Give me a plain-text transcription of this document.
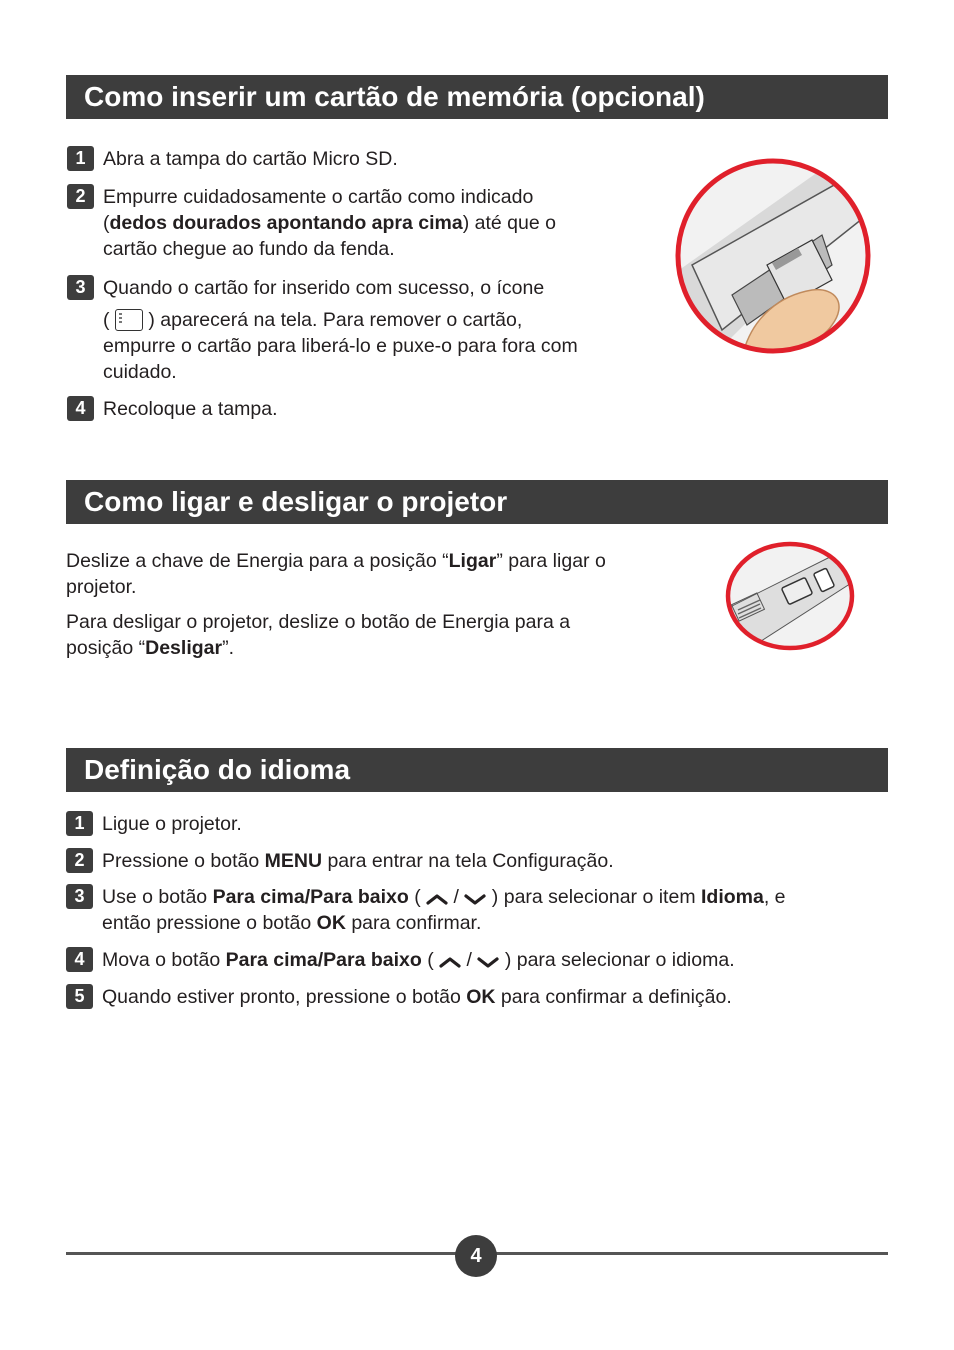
Como inserir um cartão de memória (opcional)
1 Abra a tampa do cartão Micro SD.
2 Empurre cuidadosamente o cartão como indicado
(dedos dourados apontando apra cima) até que o
cartão chegue ao fundo da fenda.
3 Quando o cartão for inserido com sucesso, o ícone
( ) aparecerá na tela. Para remover o cartão,
empurre o cartão para liberá-lo e puxe-o para fora com
cuidado.
4 Recoloque a tampa.
Como ligar e desligar o projetor
Deslize a chave de Energia para a posição “Ligar” para ligar o
projetor.
Para desligar o projetor, deslize o botão de Energia para a
posição “Desligar”.
Definição do idioma
1 Ligue o projetor.
2 Pressione o botão MENU para entrar na tela Configuração.
3 Use o botão Para cima/Para baixo (  /  ) para selecionar o item Idioma, e
então pressione o botão OK para confirmar.
4 Mova o botão Para cima/Para baixo (  /  ) para selecionar o idioma.
5 Quando estiver pronto, pressione o botão OK para confirmar a definição.
4
